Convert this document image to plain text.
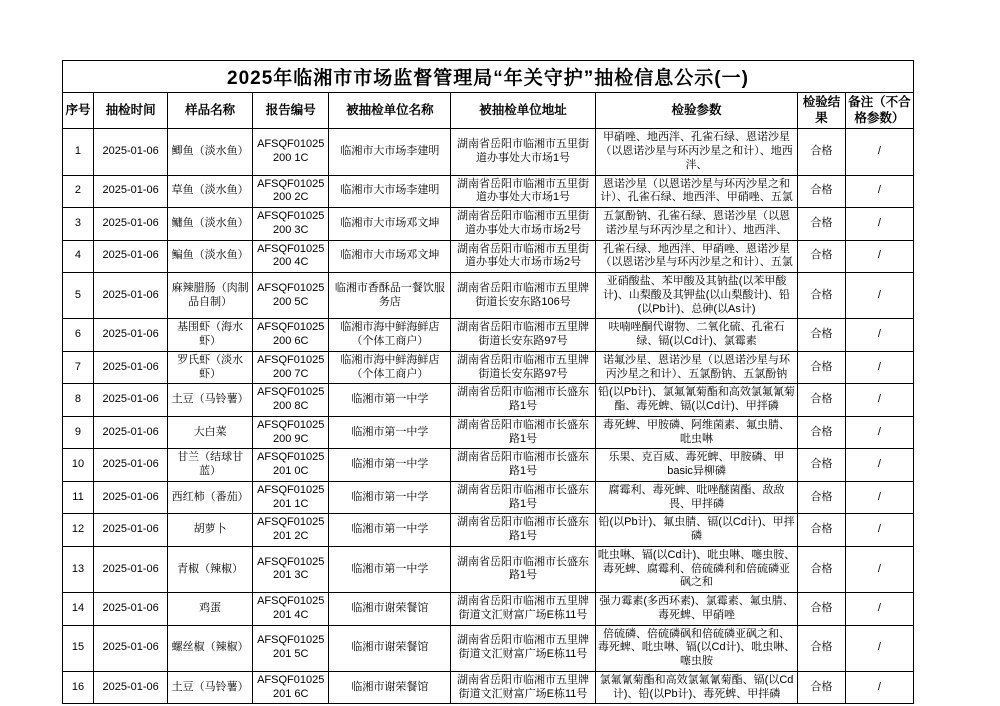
2025年临湘市市场监督管理局“年关守护”抽检信息公示(一)								
序号	抽检时间	样品名称	报告编号	被抽检单位名称	被抽检单位地址	检验参数	检验结果	备注（不合格参数）
1	2025-01-06	鲫鱼（淡水鱼）	AFSQF01025200 1C	临湘市大市场李建明	湖南省岳阳市临湘市五里街道办事处大市场1号	甲硝唑、地西泮、孔雀石绿、恩诺沙星（以恩诺沙星与环丙沙星之和计）、地西泮、	合格	/
2	2025-01-06	草鱼（淡水鱼）	AFSQF01025200 2C	临湘市大市场李建明	湖南省岳阳市临湘市五里街道办事处大市场1号	恩诺沙星（以恩诺沙星与环丙沙星之和计）、孔雀石绿、地西泮、甲硝唑、五氯	合格	/
3	2025-01-06	鳙鱼（淡水鱼）	AFSQF01025200 3C	临湘市大市场邓文坤	湖南省岳阳市临湘市五里街道办事处大市场市场2号	五氯酚钠、孔雀石绿、恩诺沙星（以恩诺沙星与环丙沙星之和计）、地西泮、	合格	/
4	2025-01-06	鳊鱼（淡水鱼）	AFSQF01025200 4C	临湘市大市场邓文坤	湖南省岳阳市临湘市五里街道办事处大市场市场2号	孔雀石绿、地西泮、甲硝唑、恩诺沙星（以恩诺沙星与环丙沙星之和计）、五氯	合格	/
5	2025-01-06	麻辣腊肠（肉制品自制）	AFSQF01025200 5C	临湘市香酥品一餐饮服务店	湖南省岳阳市临湘市五里牌街道长安东路106号	亚硝酸盐、苯甲酸及其钠盐(以苯甲酸计)、山梨酸及其钾盐(以山梨酸计)、铅(以Pb计)、总砷(以As计)	合格	/
6	2025-01-06	基围虾（海水虾）	AFSQF01025200 6C	临湘市海中鲜海鲜店（个体工商户）	湖南省岳阳市临湘市五里牌街道长安东路97号	呋喃唑酮代谢物、二氧化硫、孔雀石绿、镉(以Cd计)、氯霉素	合格	/
7	2025-01-06	罗氏虾（淡水虾）	AFSQF01025200 7C	临湘市海中鲜海鲜店（个体工商户）	湖南省岳阳市临湘市五里牌街道长安东路97号	诺氟沙星、恩诺沙星（以恩诺沙星与环丙沙星之和计）、五氯酚钠、五氯酚钠	合格	/
8	2025-01-06	土豆（马铃薯）	AFSQF01025200 8C	临湘市第一中学	湖南省岳阳市临湘市长盛东路1号	铅(以Pb计)、氯氟氰菊酯和高效氯氟氰菊酯、毒死蜱、镉(以Cd计)、甲拌磷	合格	/
9	2025-01-06	大白菜	AFSQF01025200 9C	临湘市第一中学	湖南省岳阳市临湘市长盛东路1号	毒死蜱、甲胺磷、阿维菌素、氟虫腈、吡虫啉	合格	/
10	2025-01-06	甘兰（结球甘蓝）	AFSQF01025201 0C	临湘市第一中学	湖南省岳阳市临湘市长盛东路1号	乐果、克百威、毒死蜱、甲胺磷、甲basic异柳磷	合格	/
11	2025-01-06	西红柿（番茄）	AFSQF01025201 1C	临湘市第一中学	湖南省岳阳市临湘市长盛东路1号	腐霉利、毒死蜱、吡唑醚菌酯、敌敌畏、甲拌磷	合格	/
12	2025-01-06	胡萝卜	AFSQF01025201 2C	临湘市第一中学	湖南省岳阳市临湘市长盛东路1号	铅(以Pb计)、氟虫腈、镉(以Cd计)、甲拌磷	合格	/
13	2025-01-06	青椒（辣椒）	AFSQF01025201 3C	临湘市第一中学	湖南省岳阳市临湘市长盛东路1号	吡虫啉、镉(以Cd计)、吡虫啉、噻虫胺、毒死蜱、腐霉利、倍硫磷利和倍硫磷亚砜之和	合格	/
14	2025-01-06	鸡蛋	AFSQF01025201 4C	临湘市谢荣餐馆	湖南省岳阳市临湘市五里牌街道文汇财富广场E栋11号	强力霉素(多西环素)、氯霉素、氟虫腈、毒死蜱、甲硝唑	合格	/
15	2025-01-06	螺丝椒（辣椒）	AFSQF01025201 5C	临湘市谢荣餐馆	湖南省岳阳市临湘市五里牌街道文汇财富广场E栋11号	倍硫磷、倍硫磷砜和倍硫磷亚砜之和、毒死蜱、吡虫啉、镉(以Cd计)、吡虫啉、噻虫胺	合格	/
16	2025-01-06	土豆（马铃薯）	AFSQF01025201 6C	临湘市谢荣餐馆	湖南省岳阳市临湘市五里牌街道文汇财富广场E栋11号	氯氟氰菊酯和高效氯氟氰菊酯、镉(以Cd计)、铅(以Pb计)、毒死蜱、甲拌磷	合格	/
